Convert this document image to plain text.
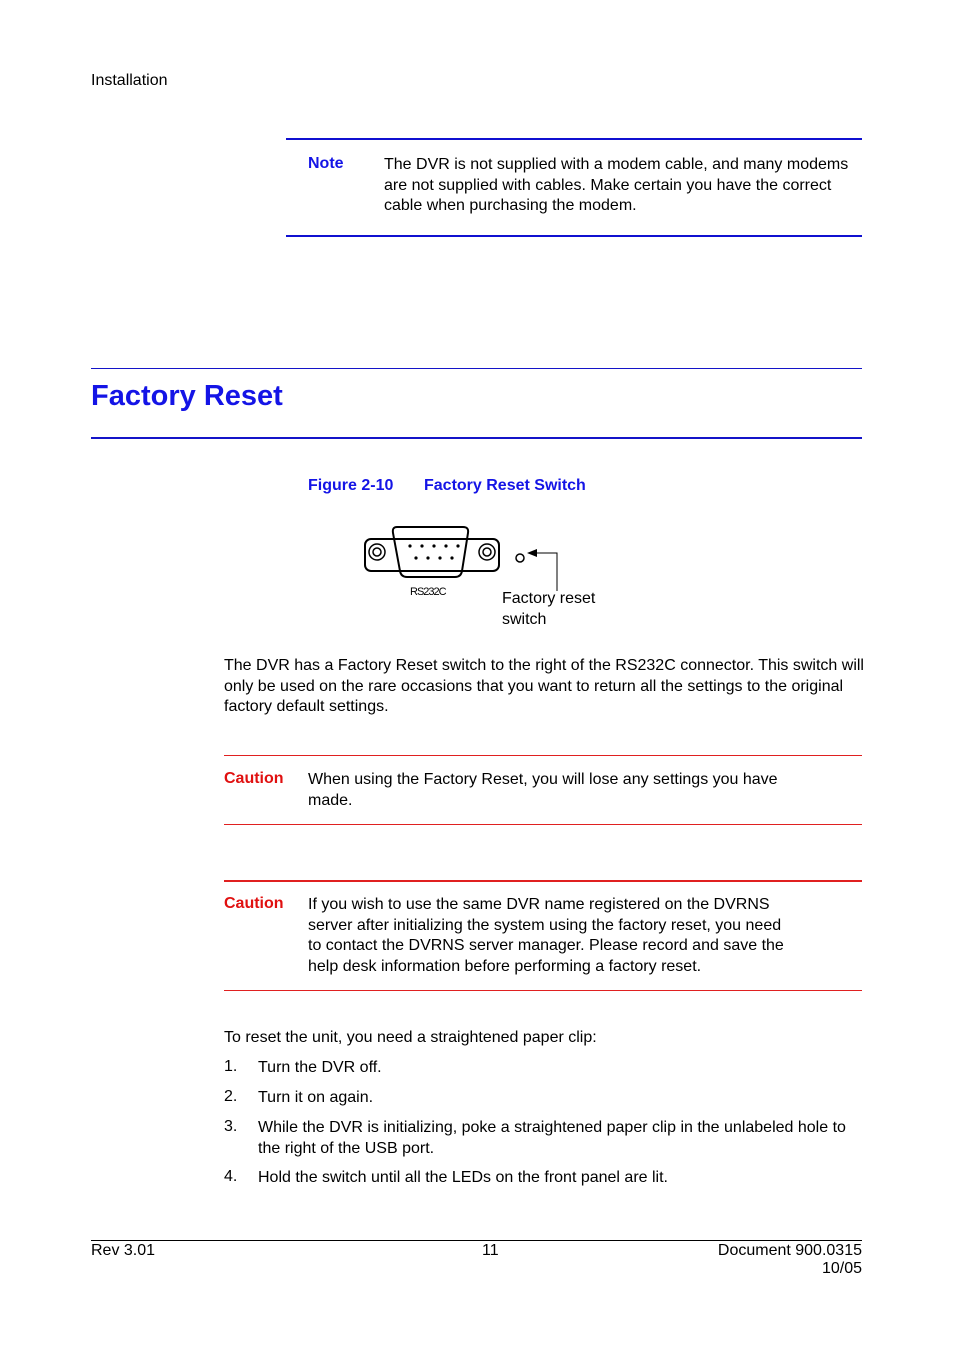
Installation
Note	The DVR is not supplied with a modem cable, and many modems are not supplied with cables. Make certain you have the correct cable when purchasing the modem.
Factory Reset
Figure 2-10 Factory Reset Switch
RS232C	Factory reset
switch
The DVR has a Factory Reset switch to the right of the RS232C connector. This switch will only be used on the rare occasions that you want to return all the settings to the original factory default settings.
Caution When using the Factory Reset, you will lose any settings you have made.
Caution If you wish to use the same DVR name registered on the DVRNS server after initializing the system using the factory reset, you need to contact the DVRNS server manager. Please record and save the help desk information before performing a factory reset.
To reset the unit, you need a straightened paper clip:
1. Turn the DVR off.
2. Turn it on again.
3. While the DVR is initializing, poke a straightened paper clip in the unlabeled hole to the right of the USB port.
4. Hold the switch until all the LEDs on the front panel are lit.
Rev 3.01	11	Document 900.0315
10/05
